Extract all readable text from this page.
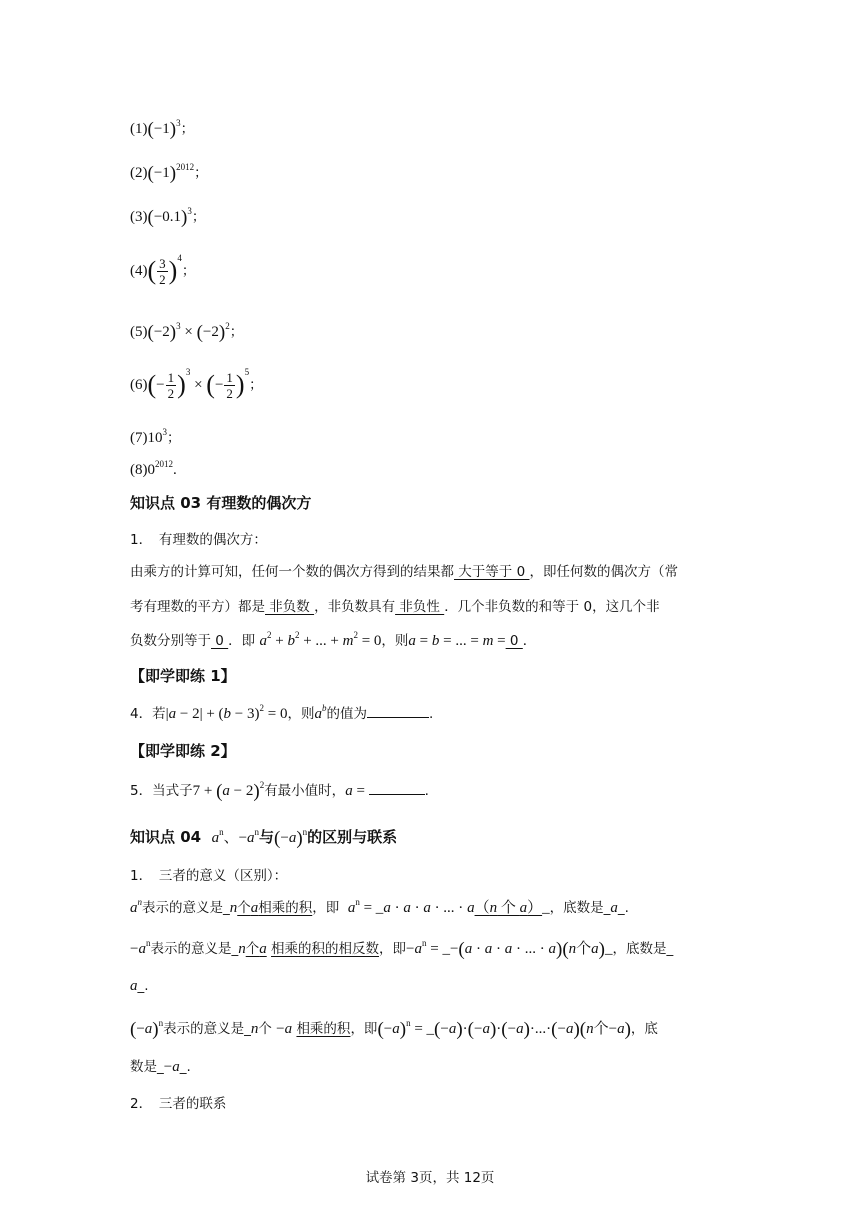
$(1)(-1)^3$；
$(2)(-1)^{2012}$；
$(3)(-0.1)^3$；
$(4)( \frac{3}{2} )^4$；
$(5)(-2)^3 \times (-2)^2$；
$(6)(- \frac{1}{2} )^3$ × (− $\frac{1}{2} )^5$；
$(7)10^3$；
$(8)0^{2012}$.
知识点 03 有理数的偶次方
1．　有理数的偶次方：
由乘方的计算可知，任何一个数的偶次方得到的结果都 大于等于 0 ，即任何数的偶次方（常
考有理数的平方）都是 非负数 ，非负数具有 非负性 ．几个非负数的和等于 0，这几个非
负数分别等于 0 ．即 $a^2 + b^2$ + ... + $m^2 = 0$，则a = b = ... = m = 0 ．
【即学即练 1】
4．若$|a - 2| + (b - 3)^2 = 0$，则$a^b$的值为	.
【即学即练 2】
5．当式子$7 + (a - 2)^2$有最小值时，a =	.
知识点 04 $a^n$、$-a^n$与$(-a)^n$的区别与联系
1．　三者的意义（区别）：
$a^n$表示的意义是_n个a相乘的积，即 $a^n$ = _a · a · a · ... · a（n 个 a）_，底数是_a_.
$-a^n$表示的意义是_n个a 相乘的积的相反数，即$-a^n$ = _−(a · a · a · ... · a)(n个a)_，底数是_
a_.
$(-a)^n$表示的意义是_n个 −a 相乘的积，即$(-a)^n$ = _(−a)·(−a)·(−a)·...·(−a)(n个−a)，底
数是_−a_.
2．　三者的联系
试卷第 3页，共 12页
